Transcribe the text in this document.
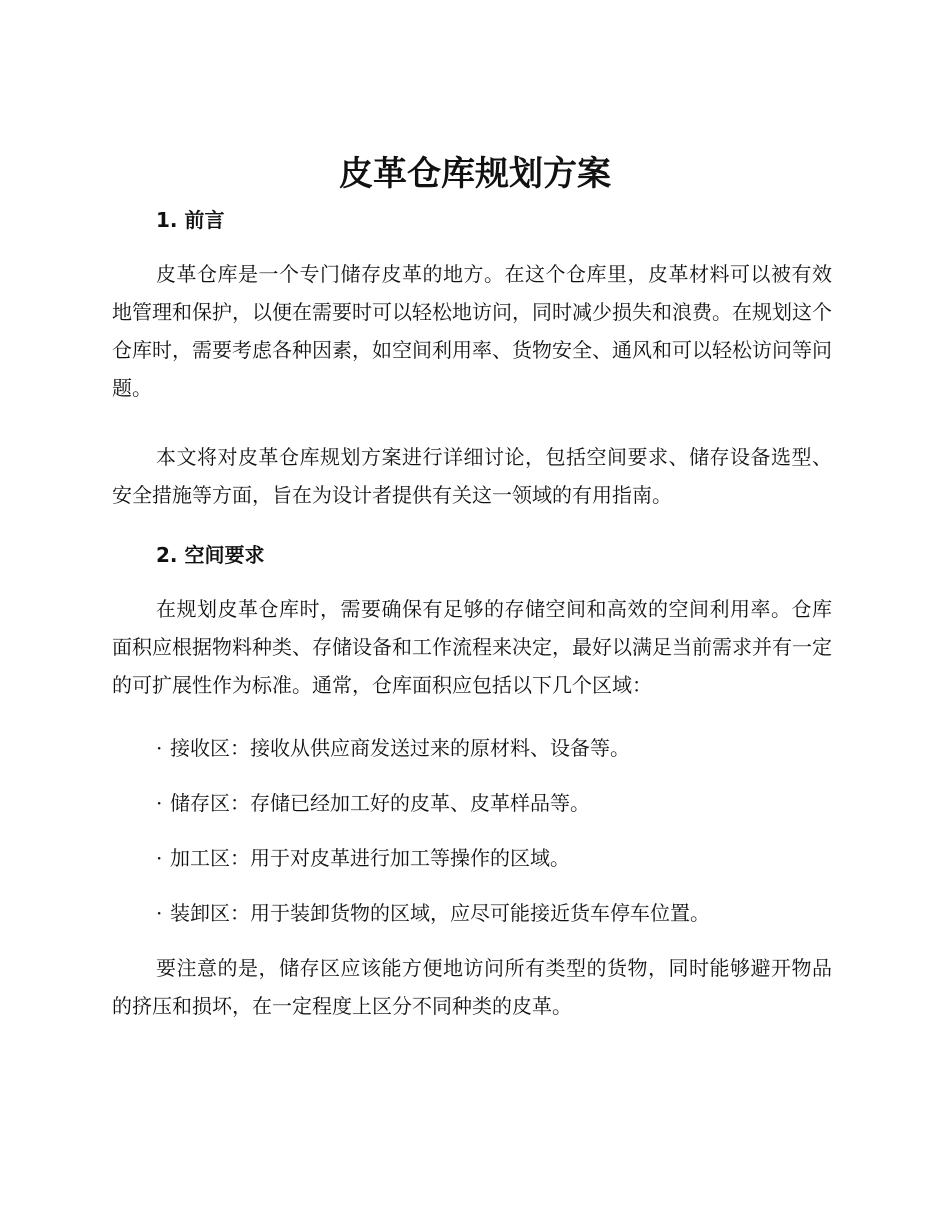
皮革仓库规划方案
1. 前言

皮革仓库是一个专门储存皮革的地方。在这个仓库里，皮革材料可以被有效地管理和保护，以便在需要时可以轻松地访问，同时减少损失和浪费。在规划这个仓库时，需要考虑各种因素，如空间利用率、货物安全、通风和可以轻松访问等问题。

本文将对皮革仓库规划方案进行详细讨论，包括空间要求、储存设备选型、安全措施等方面，旨在为设计者提供有关这一领域的有用指南。

2. 空间要求

在规划皮革仓库时，需要确保有足够的存储空间和高效的空间利用率。仓库面积应根据物料种类、存储设备和工作流程来决定，最好以满足当前需求并有一定的可扩展性作为标准。通常，仓库面积应包括以下几个区域：

· 接收区：接收从供应商发送过来的原材料、设备等。
· 储存区：存储已经加工好的皮革、皮革样品等。
· 加工区：用于对皮革进行加工等操作的区域。
· 装卸区：用于装卸货物的区域，应尽可能接近货车停车位置。

要注意的是，储存区应该能方便地访问所有类型的货物，同时能够避开物品的挤压和损坏，在一定程度上区分不同种类的皮革。
